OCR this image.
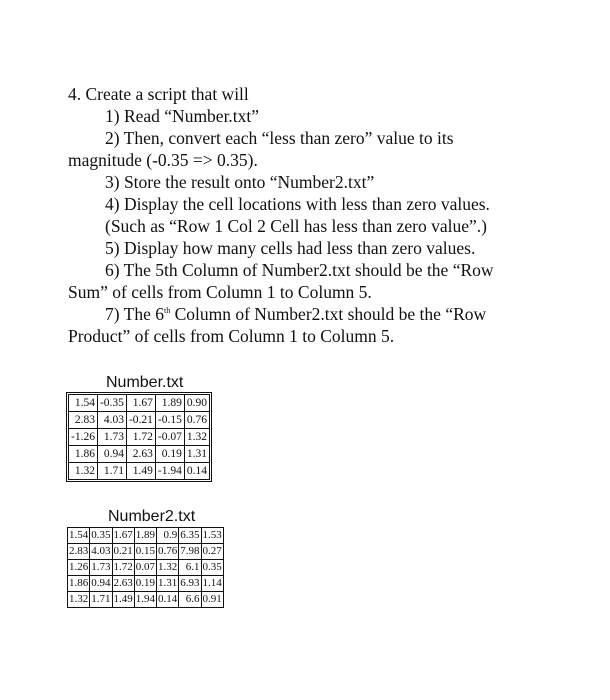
4. Create a script that will
1) Read “Number.txt”
2) Then, convert each “less than zero” value to its
magnitude (-0.35 => 0.35).
3) Store the result onto “Number2.txt”
4) Display the cell locations with less than zero values.
(Such as “Row 1 Col 2 Cell has less than zero value”.)
5) Display how many cells had less than zero values.
6) The 5th Column of Number2.txt should be the “Row
Sum” of cells from Column 1 to Column 5.
7) The 6th Column of Number2.txt should be the “Row
Product” of cells from Column 1 to Column 5.
Number.txt
1.54	-0.35	1.67	1.89	0.90
2.83	4.03	-0.21	-0.15	0.76
-1.26	1.73	1.72	-0.07	1.32
1.86	0.94	2.63	0.19	1.31
1.32	1.71	1.49	-1.94	0.14
Number2.txt
1.54	0.35	1.67	1.89	0.9	6.35	1.53
2.83	4.03	0.21	0.15	0.76	7.98	0.27
1.26	1.73	1.72	0.07	1.32	6.1	0.35
1.86	0.94	2.63	0.19	1.31	6.93	1.14
1.32	1.71	1.49	1.94	0.14	6.6	0.91
